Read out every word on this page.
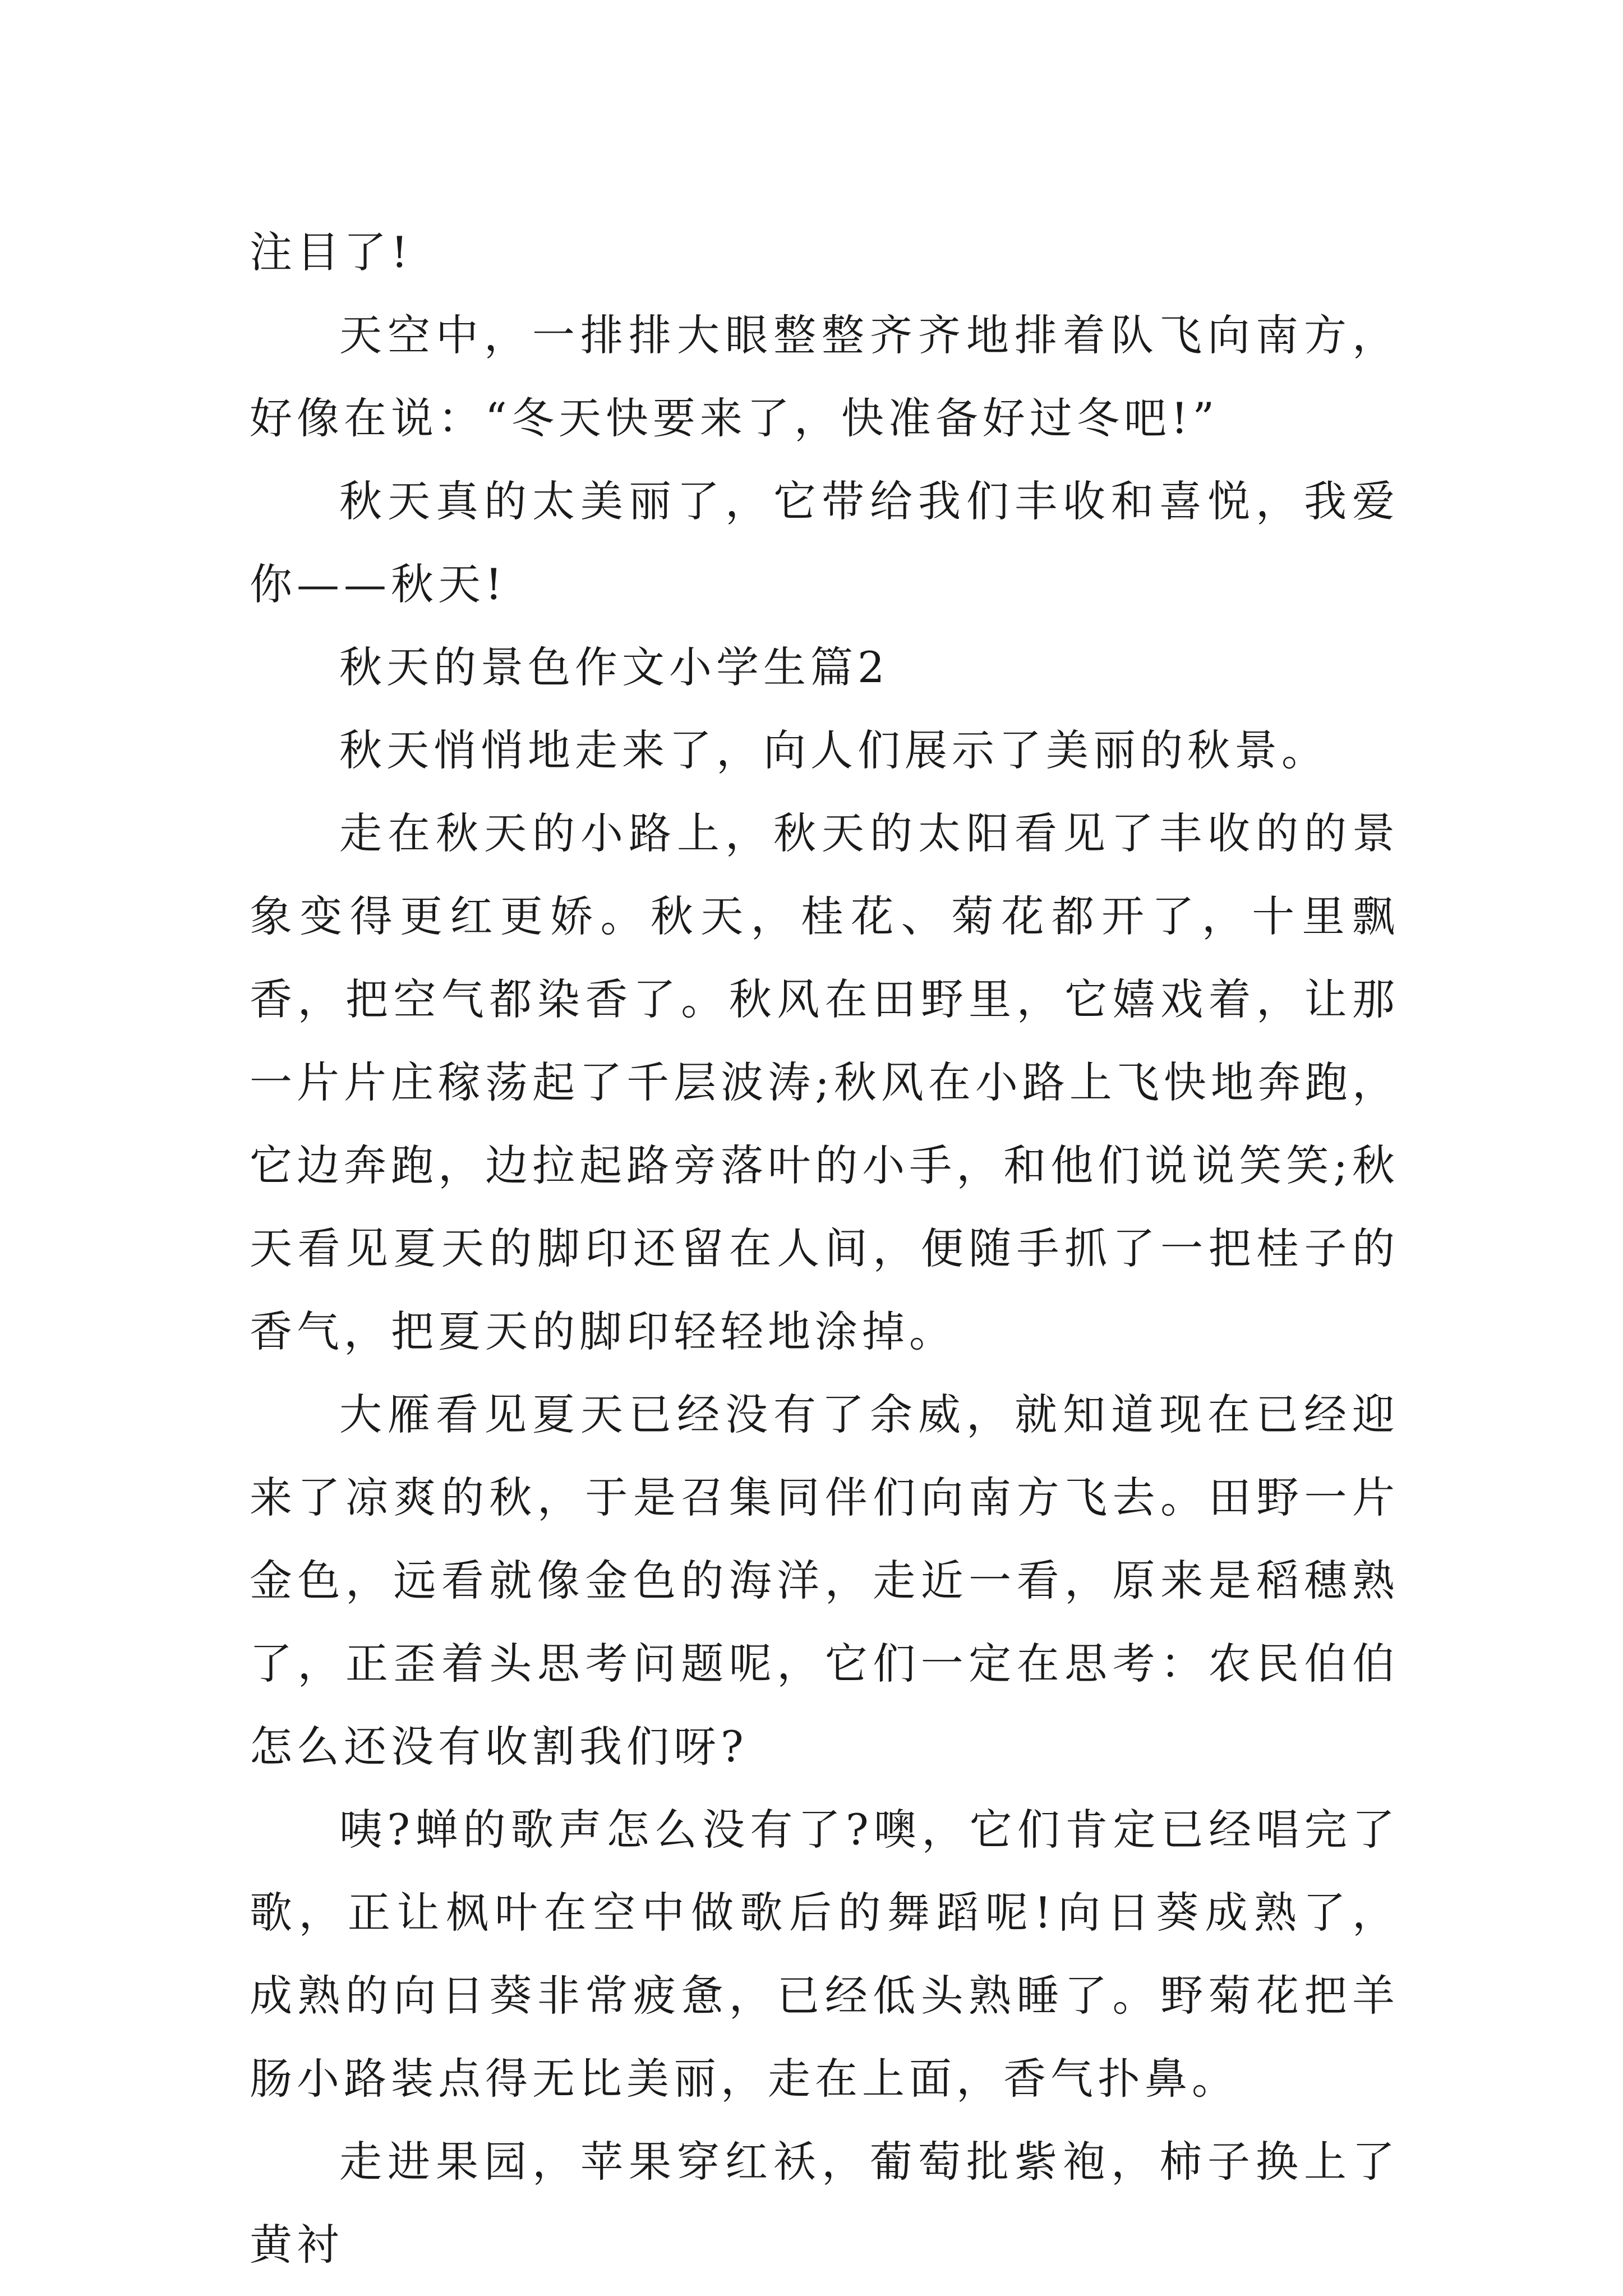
注目了!

天空中，一排排大眼整整齐齐地排着队飞向南方，好像在说：“冬天快要来了，快准备好过冬吧!”

秋天真的太美丽了，它带给我们丰收和喜悦，我爱你——秋天!

秋天的景色作文小学生篇2

秋天悄悄地走来了，向人们展示了美丽的秋景。

走在秋天的小路上，秋天的太阳看见了丰收的的景象变得更红更娇。秋天，桂花、菊花都开了，十里飘香，把空气都染香了。秋风在田野里，它嬉戏着，让那一片片庄稼荡起了千层波涛;秋风在小路上飞快地奔跑，它边奔跑，边拉起路旁落叶的小手，和他们说说笑笑;秋天看见夏天的脚印还留在人间，便随手抓了一把桂子的香气，把夏天的脚印轻轻地涂掉。

大雁看见夏天已经没有了余威，就知道现在已经迎来了凉爽的秋，于是召集同伴们向南方飞去。田野一片金色，远看就像金色的海洋，走近一看，原来是稻穗熟了，正歪着头思考问题呢，它们一定在思考：农民伯伯怎么还没有收割我们呀?

咦?蝉的歌声怎么没有了?噢，它们肯定已经唱完了歌，正让枫叶在空中做歌后的舞蹈呢!向日葵成熟了，成熟的向日葵非常疲惫，已经低头熟睡了。野菊花把羊肠小路装点得无比美丽，走在上面，香气扑鼻。

走进果园，苹果穿红袄，葡萄批紫袍，柿子换上了黄衬
